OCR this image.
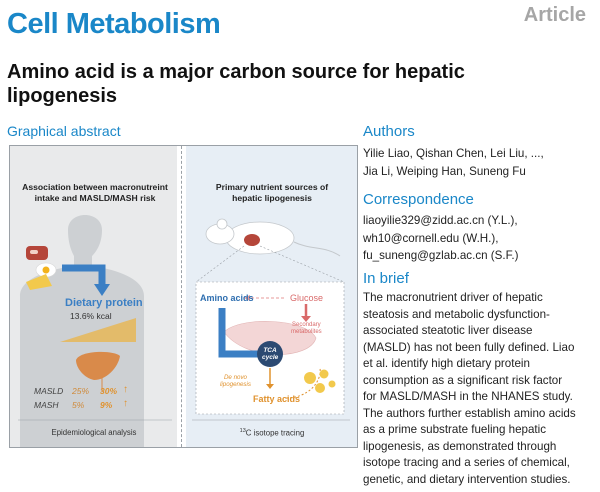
Cell Metabolism	Article
Amino acid is a major carbon source for hepatic lipogenesis
Graphical abstract
Association between macronutreint
intake and MASLD/MASH risk
Dietary protein
13.6% kcal
MASLD 25% 30% ↑
MASH 5% 9% ↑
Epidemiological analysis
Primary nutrient sources of
hepatic lipogenesis
Amino acids	Glucose
Secondary
metabolites
TCA
cycle
De novo
lipogenesis
Fatty acids
$^{13}$C isotope tracing
Authors
Yilie Liao, Qishan Chen, Lei Liu, ...,
Jia Li, Weiping Han, Suneng Fu
Correspondence
liaoyilie329@zidd.ac.cn (Y.L.),
wh10@cornell.edu (W.H.),
fu_suneng@gzlab.ac.cn (S.F.)
In brief
The macronutrient driver of hepatic
steatosis and metabolic dysfunction-
associated steatotic liver disease
(MASLD) has not been fully defined. Liao
et al. identify high dietary protein
consumption as a significant risk factor
for MASLD/MASH in the NHANES study.
The authors further establish amino acids
as a prime substrate fueling hepatic
lipogenesis, as demonstrated through
isotope tracing and a series of chemical,
genetic, and dietary intervention studies.
